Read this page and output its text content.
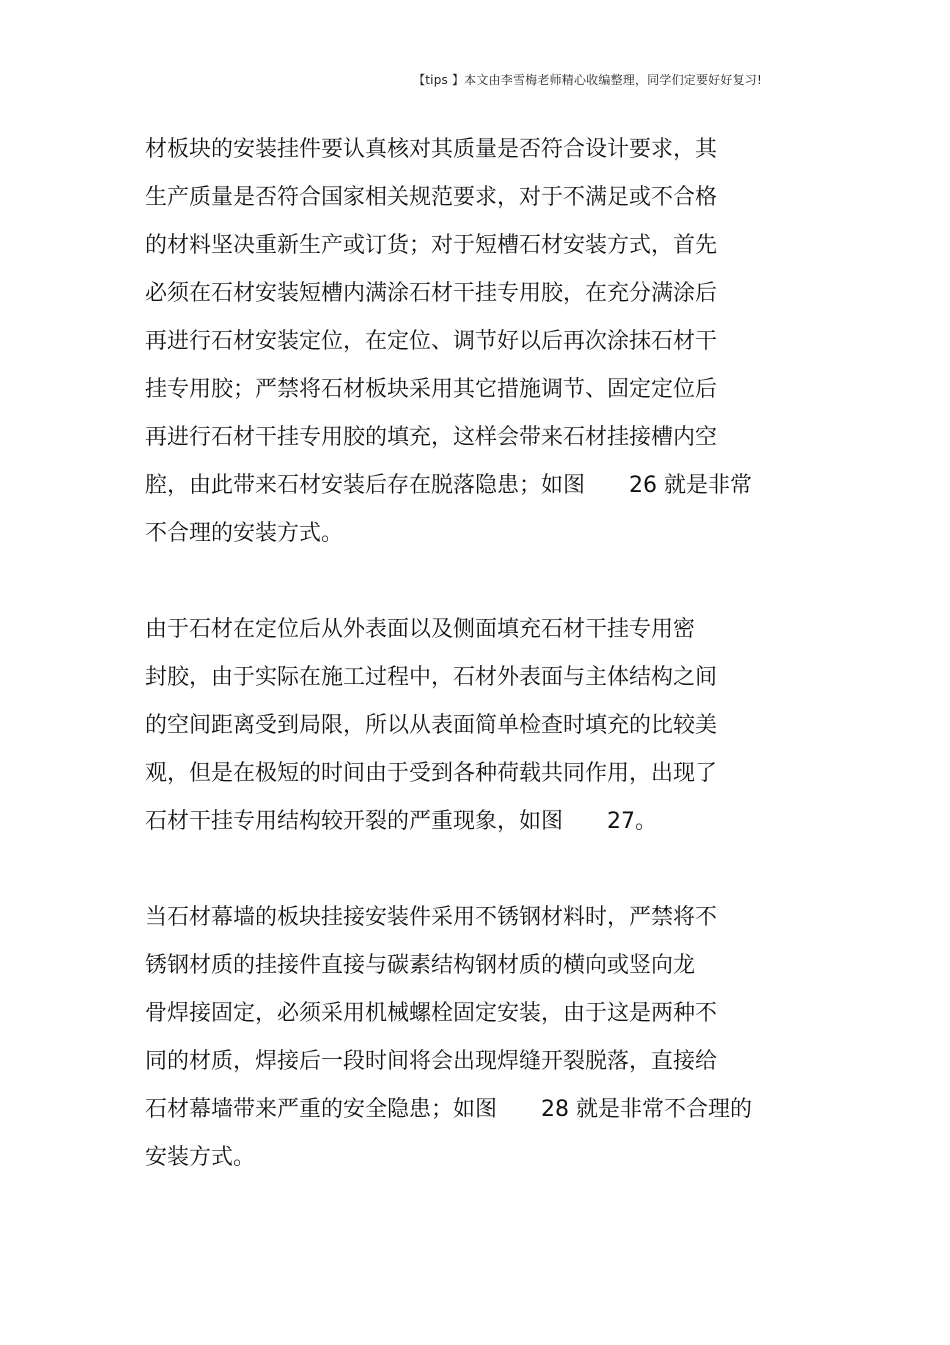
【tips 】本文由李雪梅老师精心收编整理，同学们定要好好复习!

材板块的安装挂件要认真核对其质量是否符合设计要求，其
生产质量是否符合国家相关规范要求，对于不满足或不合格
的材料坚决重新生产或订货；对于短槽石材安装方式，首先
必须在石材安装短槽内满涂石材干挂专用胶，在充分满涂后
再进行石材安装定位，在定位、调节好以后再次涂抹石材干
挂专用胶；严禁将石材板块采用其它措施调节、固定定位后
再进行石材干挂专用胶的填充，这样会带来石材挂接槽内空
腔，由此带来石材安装后存在脱落隐患；如图　　26 就是非常
不合理的安装方式。

由于石材在定位后从外表面以及侧面填充石材干挂专用密
封胶，由于实际在施工过程中，石材外表面与主体结构之间
的空间距离受到局限，所以从表面简单检查时填充的比较美
观，但是在极短的时间由于受到各种荷载共同作用，出现了
石材干挂专用结构较开裂的严重现象，如图　　27。

当石材幕墙的板块挂接安装件采用不锈钢材料时，严禁将不
锈钢材质的挂接件直接与碳素结构钢材质的横向或竖向龙
骨焊接固定，必须采用机械螺栓固定安装，由于这是两种不
同的材质，焊接后一段时间将会出现焊缝开裂脱落，直接给
石材幕墙带来严重的安全隐患；如图　　28 就是非常不合理的
安装方式。
